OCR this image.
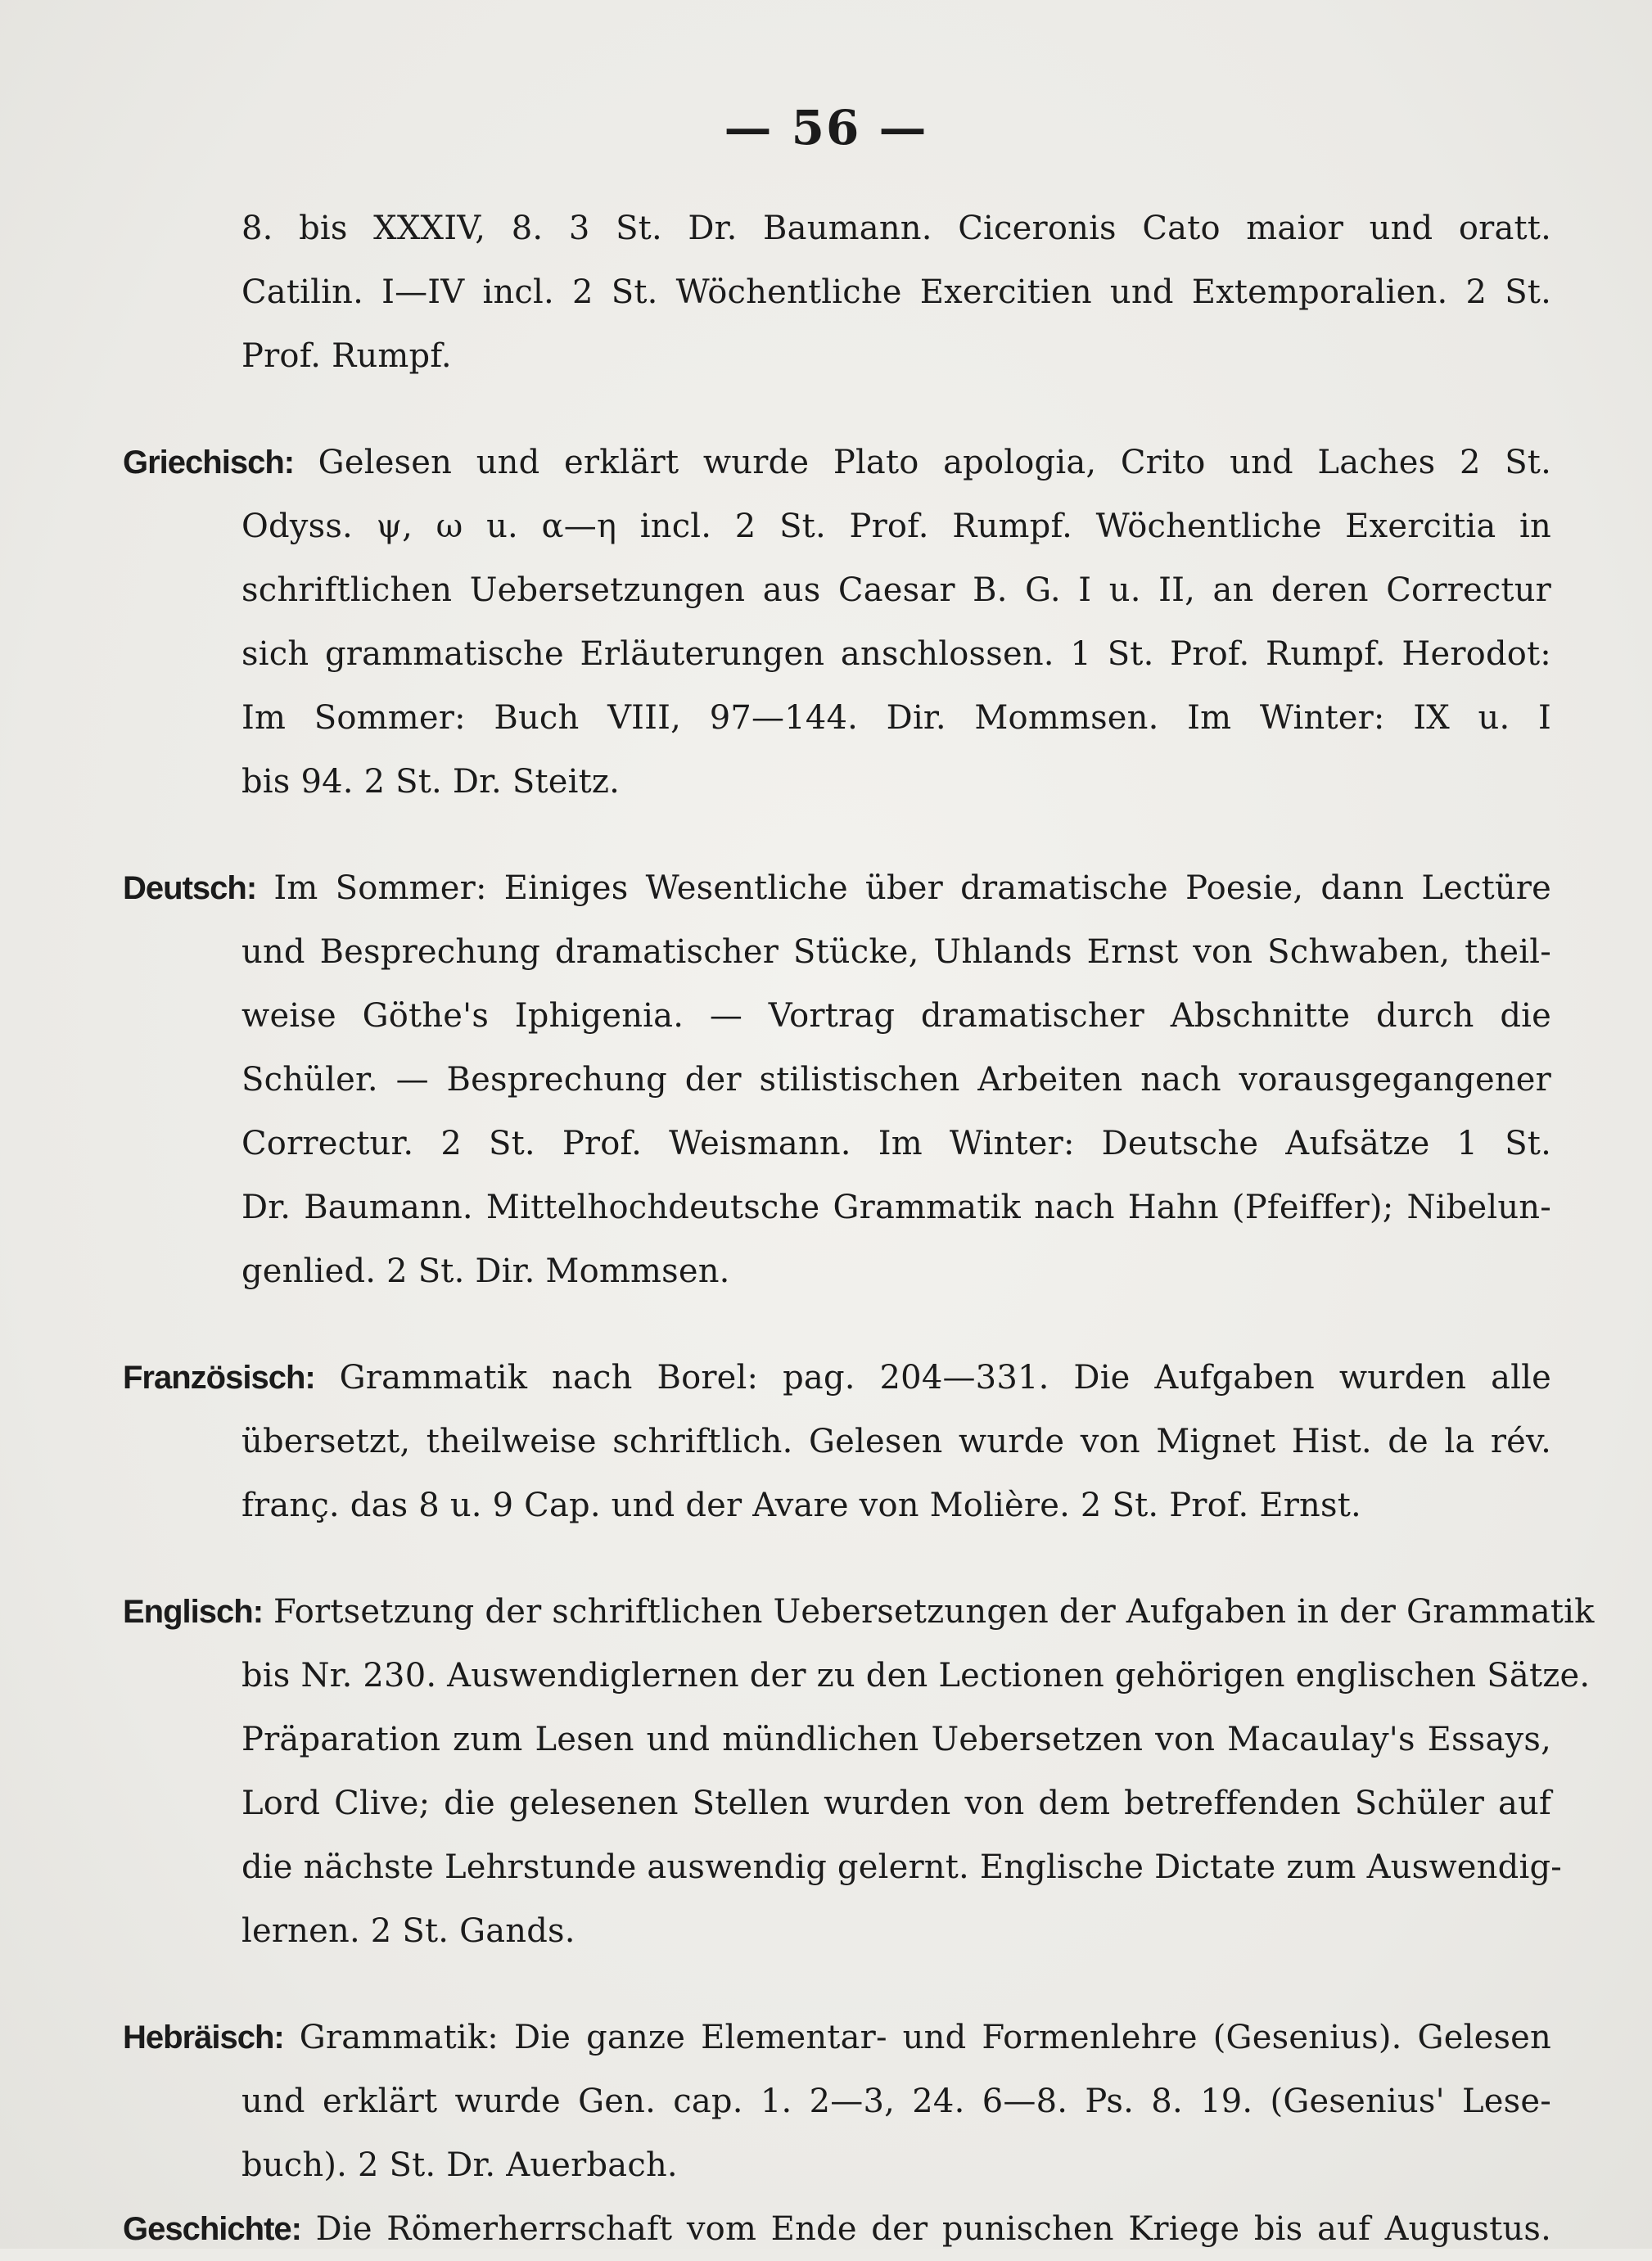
— 56 —
8. bis XXXIV, 8. 3 St. Dr. Baumann. Ciceronis Cato maior und oratt.
Catilin. I—IV incl. 2 St. Wöchentliche Exercitien und Extemporalien. 2 St.
Prof. Rumpf.
Griechisch: Gelesen und erklärt wurde Plato apologia, Crito und Laches 2 St.
Odyss. ψ, ω u. α—η incl. 2 St. Prof. Rumpf. Wöchentliche Exercitia in
schriftlichen Uebersetzungen aus Caesar B. G. I u. II, an deren Correctur
sich grammatische Erläuterungen anschlossen. 1 St. Prof. Rumpf. Herodot:
Im Sommer: Buch VIII, 97—144. Dir. Mommsen. Im Winter: IX u. I
bis 94. 2 St. Dr. Steitz.
Deutsch: Im Sommer: Einiges Wesentliche über dramatische Poesie, dann Lectüre
und Besprechung dramatischer Stücke, Uhlands Ernst von Schwaben, theil-
weise Göthe's Iphigenia. — Vortrag dramatischer Abschnitte durch die
Schüler. — Besprechung der stilistischen Arbeiten nach vorausgegangener
Correctur. 2 St. Prof. Weismann. Im Winter: Deutsche Aufsätze 1 St.
Dr. Baumann. Mittelhochdeutsche Grammatik nach Hahn (Pfeiffer); Nibelun-
genlied. 2 St. Dir. Mommsen.
Französisch: Grammatik nach Borel: pag. 204—331. Die Aufgaben wurden alle
übersetzt, theilweise schriftlich. Gelesen wurde von Mignet Hist. de la rév.
franç. das 8 u. 9 Cap. und der Avare von Molière. 2 St. Prof. Ernst.
Englisch: Fortsetzung der schriftlichen Uebersetzungen der Aufgaben in der Grammatik
bis Nr. 230. Auswendiglernen der zu den Lectionen gehörigen englischen Sätze.
Präparation zum Lesen und mündlichen Uebersetzen von Macaulay's Essays,
Lord Clive; die gelesenen Stellen wurden von dem betreffenden Schüler auf
die nächste Lehrstunde auswendig gelernt. Englische Dictate zum Auswendig-
lernen. 2 St. Gands.
Hebräisch: Grammatik: Die ganze Elementar- und Formenlehre (Gesenius). Gelesen
und erklärt wurde Gen. cap. 1. 2—3, 24. 6—8. Ps. 8. 19. (Gesenius' Lese-
buch). 2 St. Dr. Auerbach.
Geschichte: Die Römerherrschaft vom Ende der punischen Kriege bis auf Augustus.
